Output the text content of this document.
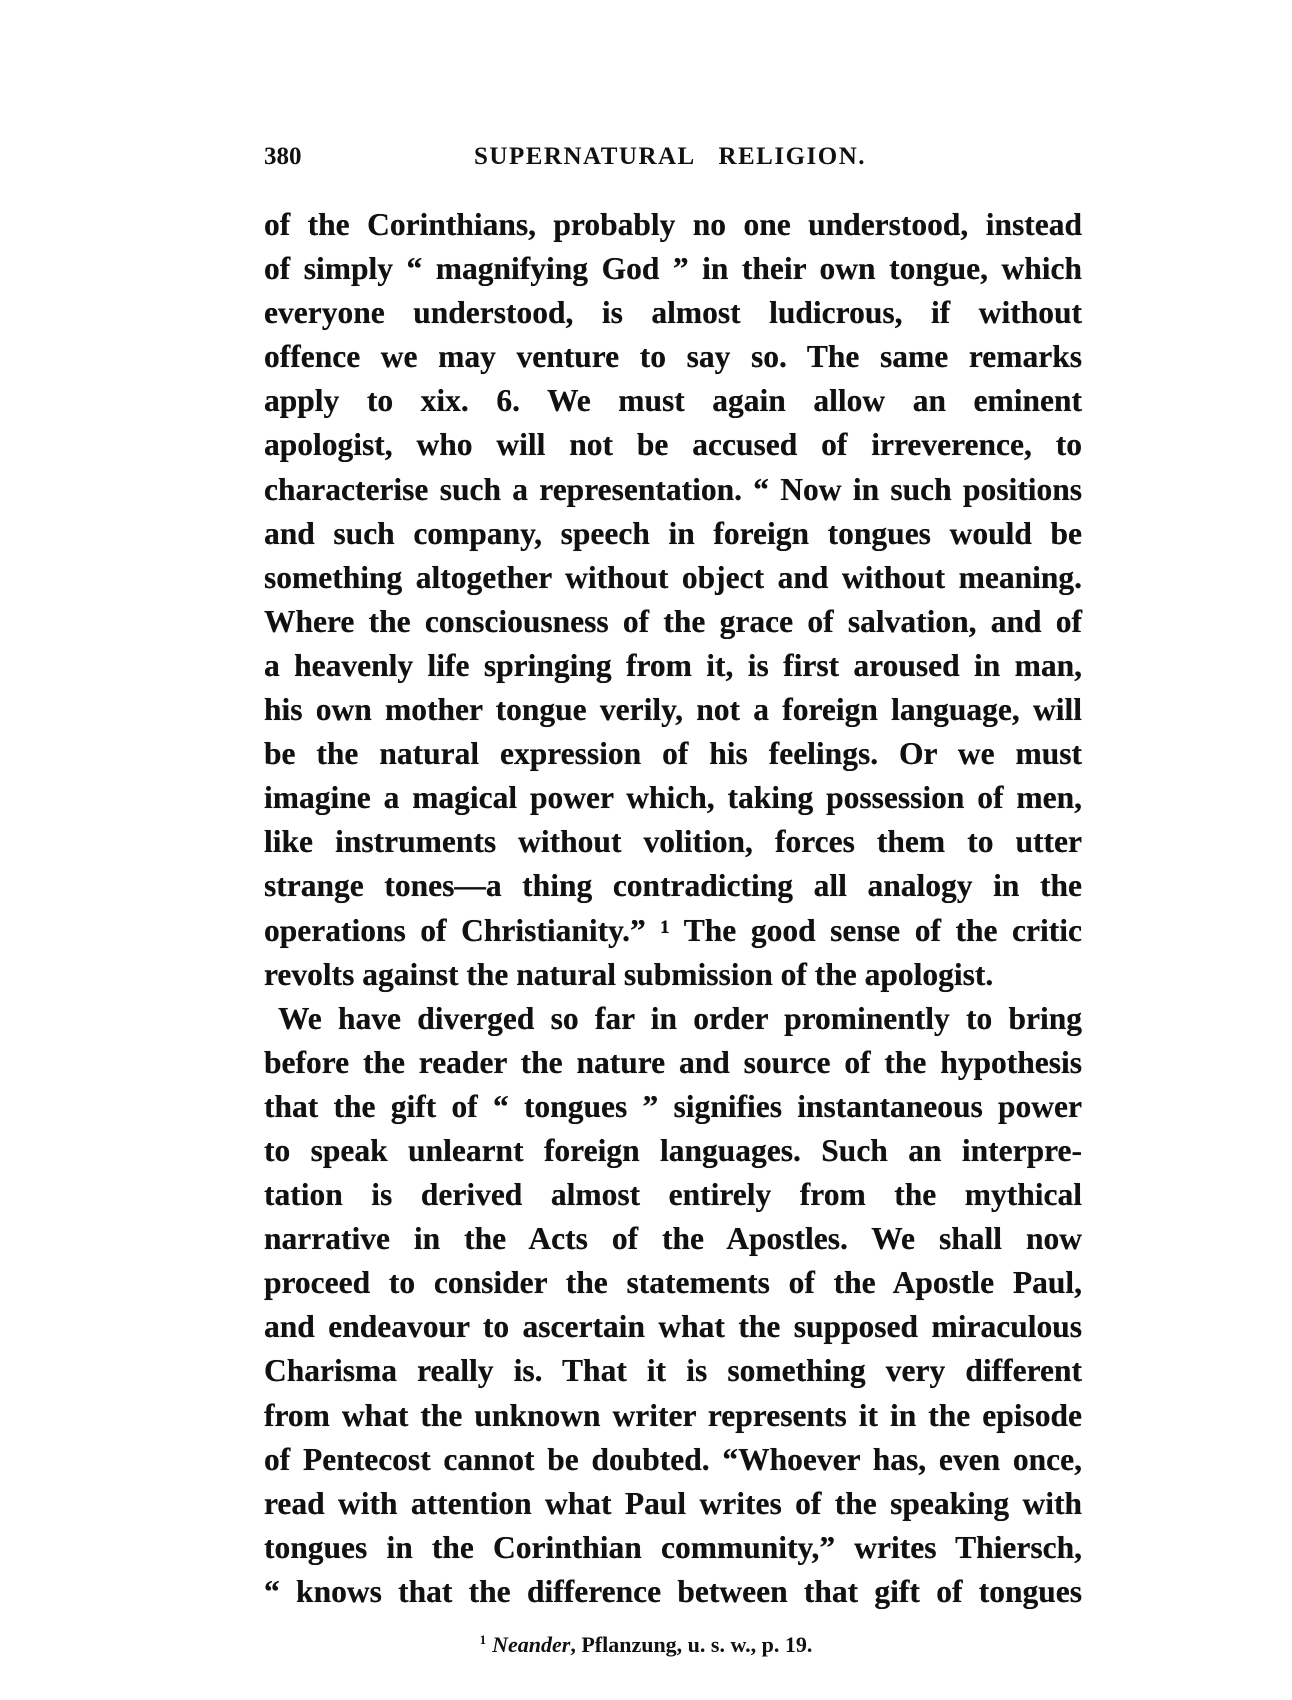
380	SUPERNATURAL RELIGION.
of the Corinthians, probably no one understood, instead
of simply “ magnifying God ” in their own tongue, which
everyone understood, is almost ludicrous, if without
offence we may venture to say so. The same remarks
apply to xix. 6. We must again allow an eminent
apologist, who will not be accused of irreverence, to
characterise such a representation. “ Now in such positions
and such company, speech in foreign tongues would be
something altogether without object and without meaning.
Where the consciousness of the grace of salvation, and of
a heavenly life springing from it, is first aroused in man,
his own mother tongue verily, not a foreign language, will
be the natural expression of his feelings. Or we must
imagine a magical power which, taking possession of men,
like instruments without volition, forces them to utter
strange tones—a thing contradicting all analogy in the
operations of Christianity.” ¹ The good sense of the critic
revolts against the natural submission of the apologist.
We have diverged so far in order prominently to bring
before the reader the nature and source of the hypothesis
that the gift of “ tongues ” signifies instantaneous power
to speak unlearnt foreign languages. Such an interpre-
tation is derived almost entirely from the mythical
narrative in the Acts of the Apostles. We shall now
proceed to consider the statements of the Apostle Paul,
and endeavour to ascertain what the supposed miraculous
Charisma really is. That it is something very different
from what the unknown writer represents it in the episode
of Pentecost cannot be doubted. “Whoever has, even once,
read with attention what Paul writes of the speaking with
tongues in the Corinthian community,” writes Thiersch,
“ knows that the difference between that gift of tongues
$^1$ Neander, Pflanzung, u. s. w., p. 19.
